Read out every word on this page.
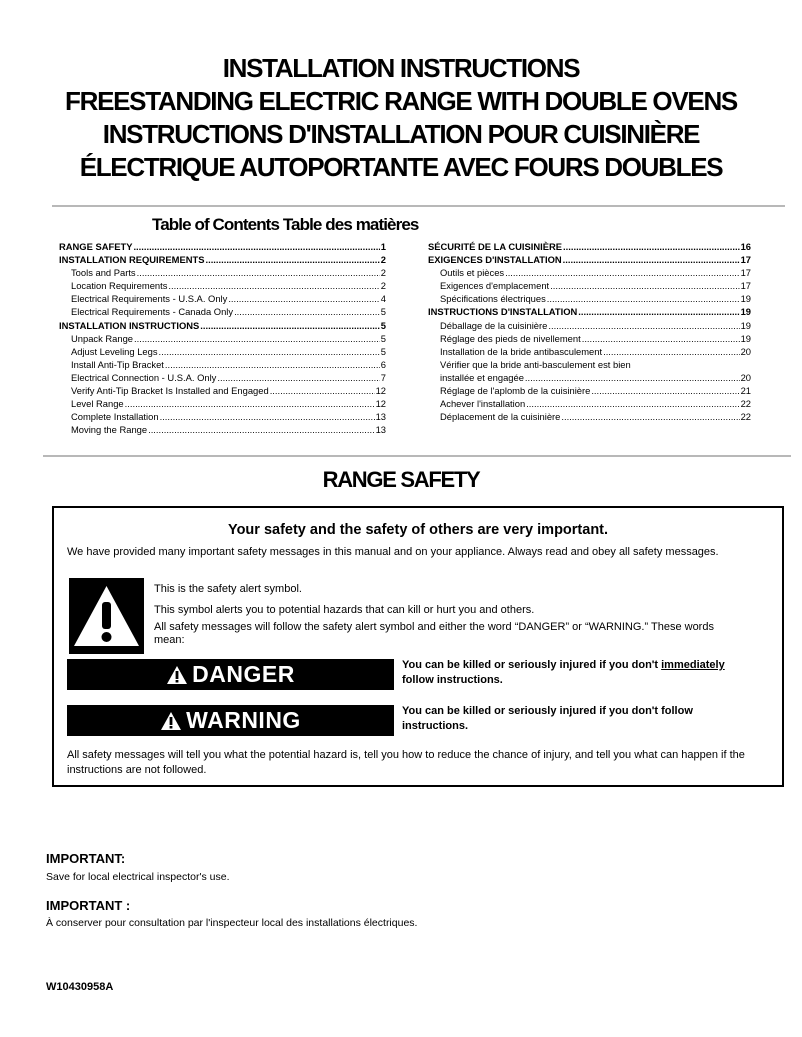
INSTALLATION INSTRUCTIONS
FREESTANDING ELECTRIC RANGE WITH DOUBLE OVENS
INSTRUCTIONS D'INSTALLATION POUR CUISINIÈRE
ÉLECTRIQUE AUTOPORTANTE AVEC FOURS DOUBLES
Table of Contents Table des matières
RANGE SAFETY .....	1
INSTALLATION REQUIREMENTS .....	2
Tools and Parts .....	2
Location Requirements .....	2
Electrical Requirements - U.S.A. Only .....	4
Electrical Requirements - Canada Only .....	5
INSTALLATION INSTRUCTIONS .....	5
Unpack Range .....	5
Adjust Leveling Legs .....	5
Install Anti-Tip Bracket .....	6
Electrical Connection - U.S.A. Only .....	7
Verify Anti-Tip Bracket Is Installed and Engaged .....	12
Level Range .....	12
Complete Installation .....	13
Moving the Range .....	13
SÉCURITÉ DE LA CUISINIÈRE .....	16
EXIGENCES D'INSTALLATION .....	17
Outils et pièces .....	17
Exigences d'emplacement .....	17
Spécifications électriques .....	19
INSTRUCTIONS D'INSTALLATION .....	19
Déballage de la cuisinière .....	19
Réglage des pieds de nivellement .....	19
Installation de la bride antibasculement .....	20
Vérifier que la bride anti-basculement est bien
installée et engagée .....	20
Réglage de l'aplomb de la cuisinière .....	21
Achever l'installation .....	22
Déplacement de la cuisinière .....	22
RANGE SAFETY
Your safety and the safety of others are very important.
We have provided many important safety messages in this manual and on your appliance. Always read and obey all safety messages.
This is the safety alert symbol.
This symbol alerts you to potential hazards that can kill or hurt you and others.
All safety messages will follow the safety alert symbol and either the word “DANGER” or “WARNING.” These words mean:
DANGER	You can be killed or seriously injured if you don't immediately follow instructions.
WARNING	You can be killed or seriously injured if you don't follow instructions.
All safety messages will tell you what the potential hazard is, tell you how to reduce the chance of injury, and tell you what can happen if the instructions are not followed.
IMPORTANT:
Save for local electrical inspector's use.
IMPORTANT :
À conserver pour consultation par l'inspecteur local des installations électriques.
W10430958A
